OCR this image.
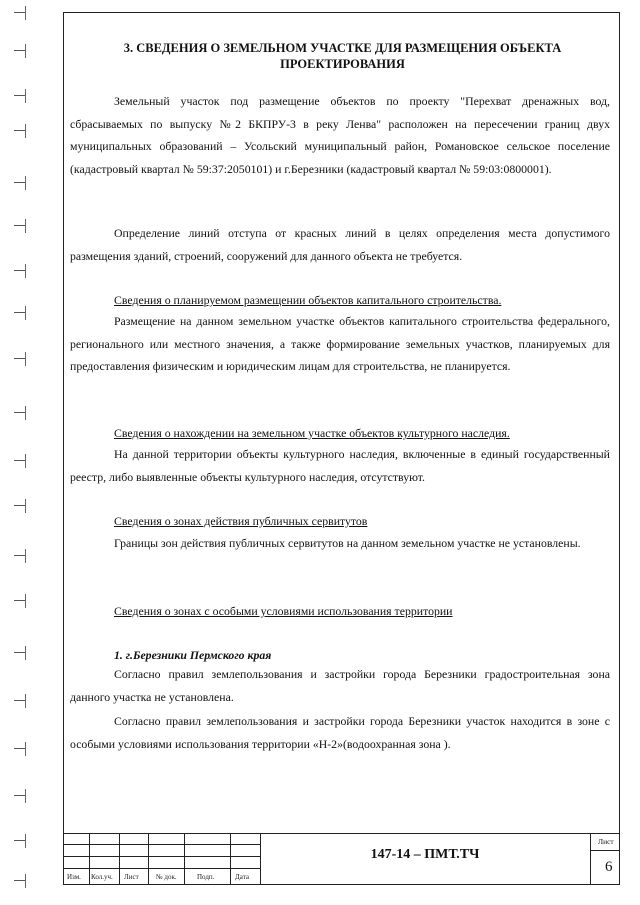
3. СВЕДЕНИЯ О ЗЕМЕЛЬНОМ УЧАСТКЕ ДЛЯ РАЗМЕЩЕНИЯ ОБЪЕКТА
ПРОЕКТИРОВАНИЯ
Земельный участок под размещение объектов по проекту "Перехват дренажных вод, сбрасываемых по выпуску №2 БКПРУ-3 в реку Ленва" расположен на пересечении границ двух муниципальных образований – Усольский муниципальный район, Романовское сельское поселение (кадастровый квартал № 59:37:2050101) и г.Березники (кадастровый квартал № 59:03:0800001).
Определение линий отступа от красных линий в целях определения места допустимого размещения зданий, строений, сооружений для данного объекта не требуется.
Сведения о планируемом размещении объектов капитального строительства.
Размещение на данном земельном участке объектов капитального строительства федерального, регионального или местного значения, а также формирование земельных участков, планируемых для предоставления физическим и юридическим лицам для строительства, не планируется.
Сведения о нахождении на земельном участке объектов культурного наследия.
На данной территории объекты культурного наследия, включенные в единый государственный реестр, либо выявленные объекты культурного наследия, отсутствуют.
Сведения о зонах действия публичных сервитутов
Границы зон действия публичных сервитутов на данном земельном участке не установлены.
Сведения о зонах с особыми условиями использования территории
1. г.Березники Пермского края
Согласно правил землепользования и застройки города Березники градостроительная зона данного участка не установлена.
Согласно правил землепользования и застройки города Березники участок находится в зоне с особыми условиями использования территории «Н-2»(водоохранная зона ).
Изм. Кол.уч. Лист № док.	Подп.	Дата
147-14 – ПМТ.ТЧ
Лист
6
